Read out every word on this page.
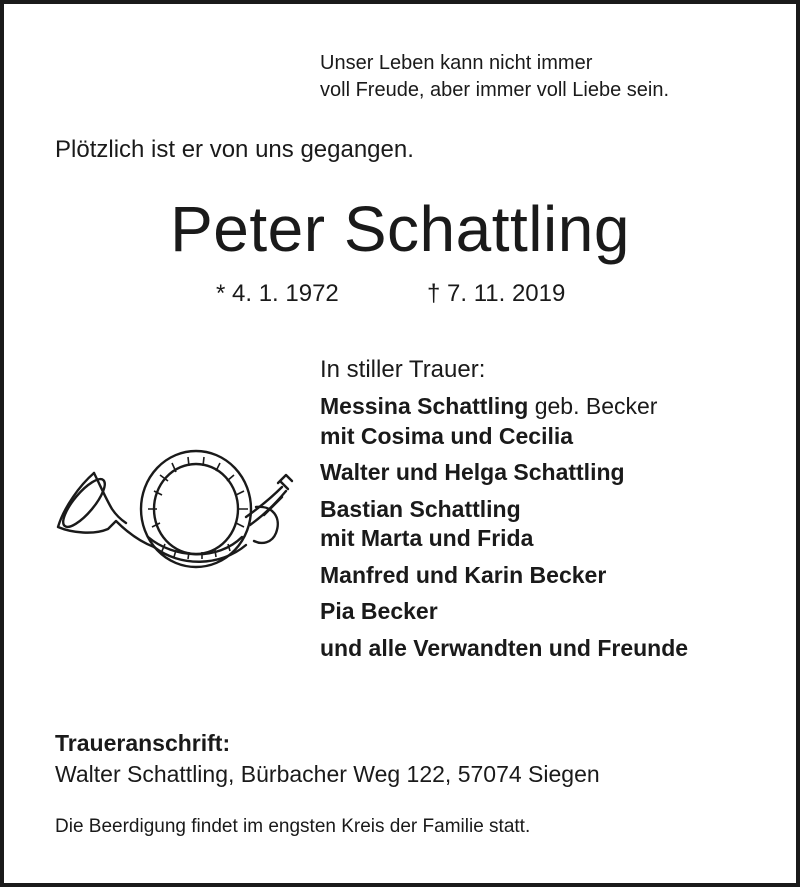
Unser Leben kann nicht immer
voll Freude, aber immer voll Liebe sein.
Plötzlich ist er von uns gegangen.
Peter Schattling
* 4. 1. 1972	† 7. 11. 2019
In stiller Trauer:
Messina Schattling geb. Becker
mit Cosima und Cecilia
Walter und Helga Schattling
Bastian Schattling
mit Marta und Frida
Manfred und Karin Becker
Pia Becker
und alle Verwandten und Freunde
Traueranschrift:
Walter Schattling, Bürbacher Weg 122, 57074 Siegen
Die Beerdigung findet im engsten Kreis der Familie statt.
